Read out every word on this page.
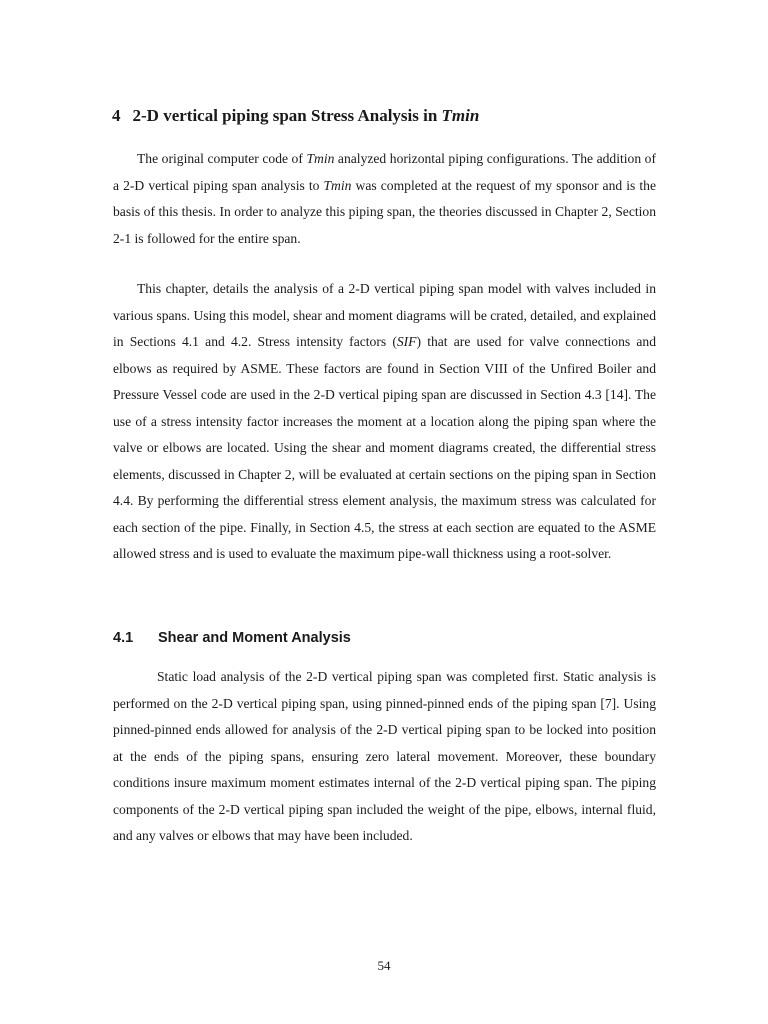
4 2-D vertical piping span Stress Analysis in Tmin

The original computer code of Tmin analyzed horizontal piping configurations. The addition of a 2-D vertical piping span analysis to Tmin was completed at the request of my sponsor and is the basis of this thesis. In order to analyze this piping span, the theories discussed in Chapter 2, Section 2-1 is followed for the entire span.

This chapter, details the analysis of a 2-D vertical piping span model with valves included in various spans. Using this model, shear and moment diagrams will be crated, detailed, and explained in Sections 4.1 and 4.2. Stress intensity factors (SIF) that are used for valve connections and elbows as required by ASME. These factors are found in Section VIII of the Unfired Boiler and Pressure Vessel code are used in the 2-D vertical piping span are discussed in Section 4.3 [14]. The use of a stress intensity factor increases the moment at a location along the piping span where the valve or elbows are located. Using the shear and moment diagrams created, the differential stress elements, discussed in Chapter 2, will be evaluated at certain sections on the piping span in Section 4.4. By performing the differential stress element analysis, the maximum stress was calculated for each section of the pipe. Finally, in Section 4.5, the stress at each section are equated to the ASME allowed stress and is used to evaluate the maximum pipe-wall thickness using a root-solver.

4.1 Shear and Moment Analysis

Static load analysis of the 2-D vertical piping span was completed first. Static analysis is performed on the 2-D vertical piping span, using pinned-pinned ends of the piping span [7]. Using pinned-pinned ends allowed for analysis of the 2-D vertical piping span to be locked into position at the ends of the piping spans, ensuring zero lateral movement. Moreover, these boundary conditions insure maximum moment estimates internal of the 2-D vertical piping span. The piping components of the 2-D vertical piping span included the weight of the pipe, elbows, internal fluid, and any valves or elbows that may have been included.

54
